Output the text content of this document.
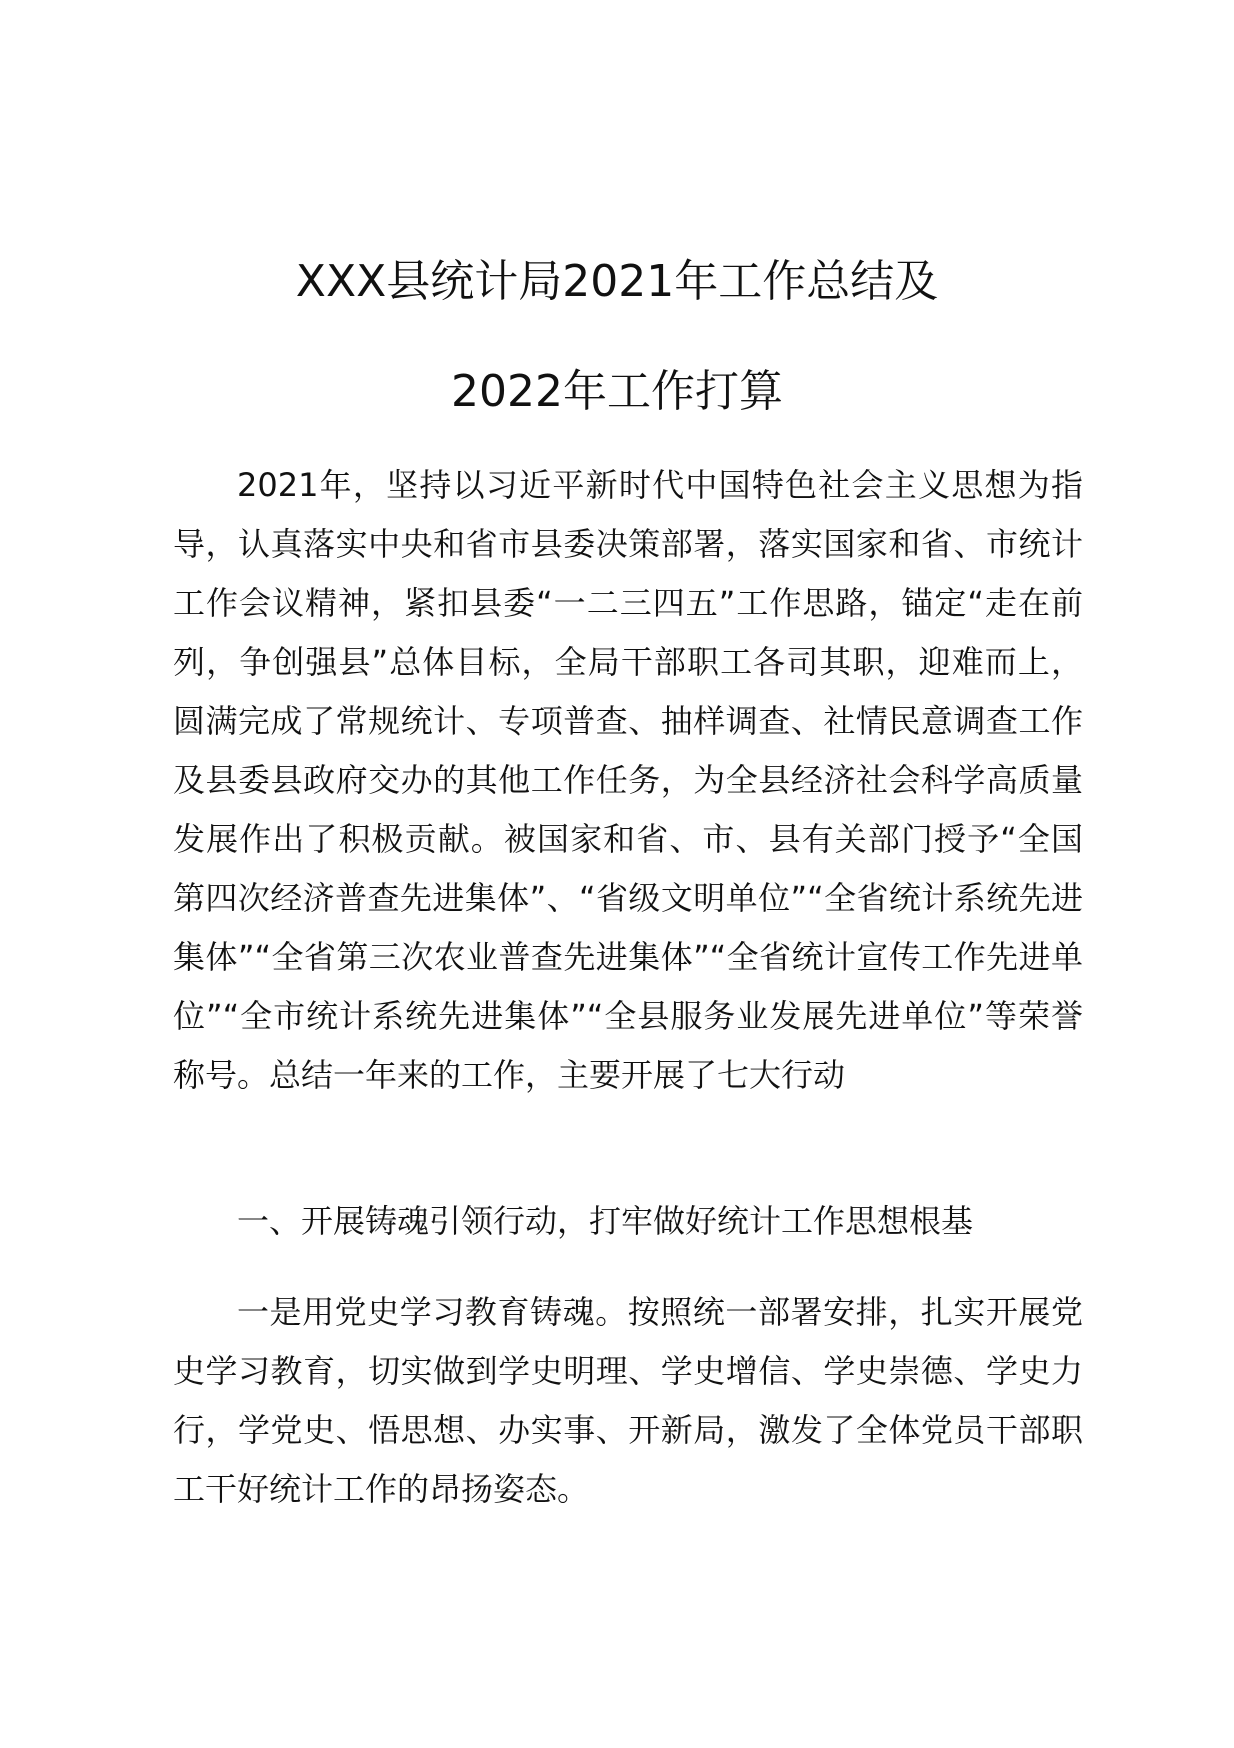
XXX县统计局2021年工作总结及
2022年工作打算

2021年，坚持以习近平新时代中国特色社会主义思想为指导，认真落实中央和省市县委决策部署，落实国家和省、市统计工作会议精神，紧扣县委“一二三四五”工作思路，锚定“走在前列，争创强县”总体目标，全局干部职工各司其职，迎难而上，圆满完成了常规统计、专项普查、抽样调查、社情民意调查工作及县委县政府交办的其他工作任务，为全县经济社会科学高质量发展作出了积极贡献。被国家和省、市、县有关部门授予“全国第四次经济普查先进集体”、“省级文明单位”“全省统计系统先进集体”“全省第三次农业普查先进集体”“全省统计宣传工作先进单位”“全市统计系统先进集体”“全县服务业发展先进单位”等荣誉称号。总结一年来的工作，主要开展了七大行动

一、开展铸魂引领行动，打牢做好统计工作思想根基

一是用党史学习教育铸魂。按照统一部署安排，扎实开展党史学习教育，切实做到学史明理、学史增信、学史崇德、学史力行，学党史、悟思想、办实事、开新局，激发了全体党员干部职工干好统计工作的昂扬姿态。
